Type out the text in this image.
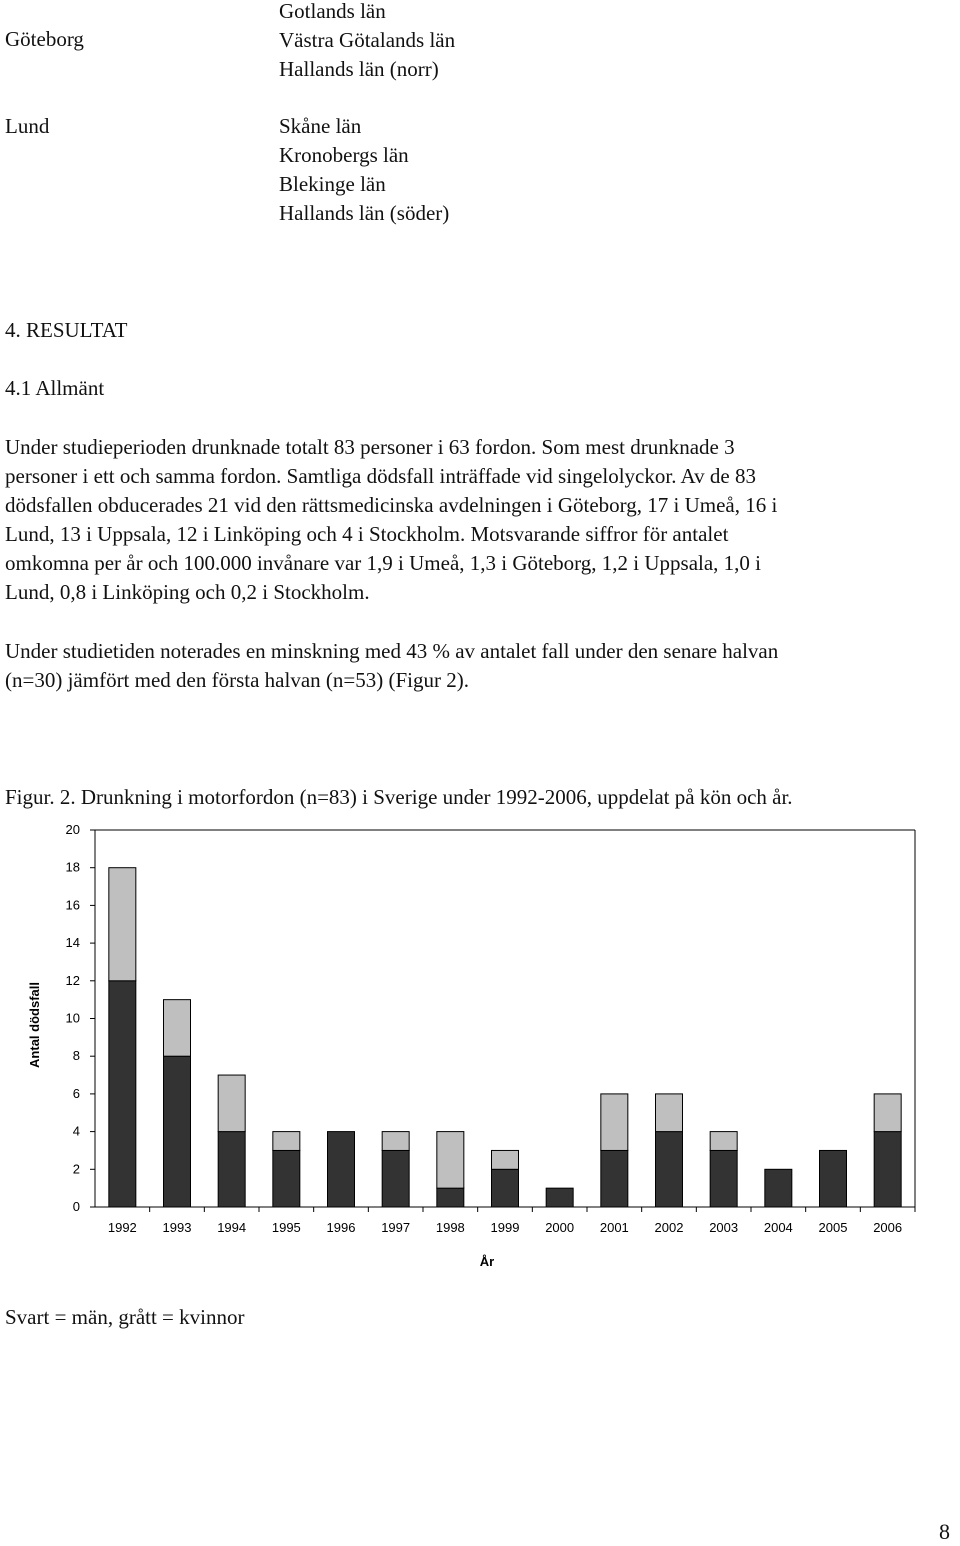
Göteborg
Gotlands län
Västra Götalands län
Hallands län (norr)
Lund	Skåne län
Kronobergs län
Blekinge län
Hallands län (söder)
4. RESULTAT
4.1 Allmänt
Under studieperioden drunknade totalt 83 personer i 63 fordon. Som mest drunknade 3
personer i ett och samma fordon. Samtliga dödsfall inträffade vid singelolyckor. Av de 83
dödsfallen obducerades 21 vid den rättsmedicinska avdelningen i Göteborg, 17 i Umeå, 16 i
Lund, 13 i Uppsala, 12 i Linköping och 4 i Stockholm. Motsvarande siffror för antalet
omkomna per år och 100.000 invånare var 1,9 i Umeå, 1,3 i Göteborg, 1,2 i Uppsala, 1,0 i
Lund, 0,8 i Linköping och 0,2 i Stockholm.
Under studietiden noterades en minskning med 43 % av antalet fall under den senare halvan
(n=30) jämfört med den första halvan (n=53) (Figur 2).
Figur. 2. Drunkning i motorfordon (n=83) i Sverige under 1992-2006, uppdelat på kön och år.
0
2
4
6
8
10
12
14
16
18
20
1992 1993 1994 1995 1996 1997 1998 1999 2000 2001 2002 2003 2004 2005 2006
Antal dödsfall
År
Svart = män, grått = kvinnor
8
